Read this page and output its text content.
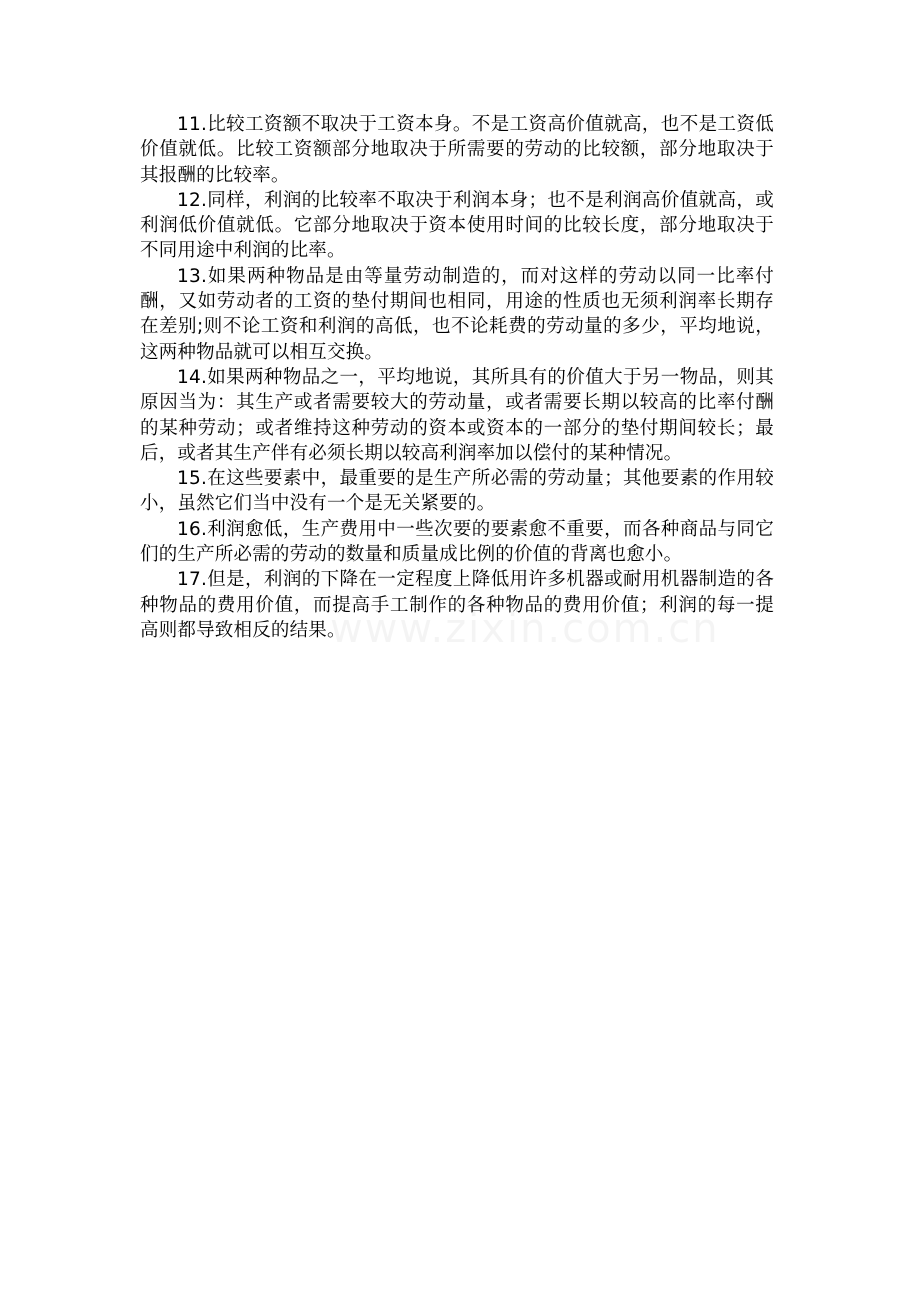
11.比较工资额不取决于工资本身。不是工资高价值就高，也不是工资低价值就低。比较工资额部分地取决于所需要的劳动的比较额，部分地取决于其报酬的比较率。

12.同样，利润的比较率不取决于利润本身；也不是利润高价值就高，或利润低价值就低。它部分地取决于资本使用时间的比较长度，部分地取决于不同用途中利润的比率。

13.如果两种物品是由等量劳动制造的，而对这样的劳动以同一比率付酬，又如劳动者的工资的垫付期间也相同，用途的性质也无须利润率长期存在差别;则不论工资和利润的高低，也不论耗费的劳动量的多少，平均地说，这两种物品就可以相互交换。

14.如果两种物品之一，平均地说，其所具有的价值大于另一物品，则其原因当为：其生产或者需要较大的劳动量，或者需要长期以较高的比率付酬的某种劳动；或者维持这种劳动的资本或资本的一部分的垫付期间较长；最后，或者其生产伴有必须长期以较高利润率加以偿付的某种情况。

15.在这些要素中，最重要的是生产所必需的劳动量；其他要素的作用较小，虽然它们当中没有一个是无关紧要的。

16.利润愈低，生产费用中一些次要的要素愈不重要，而各种商品与同它们的生产所必需的劳动的数量和质量成比例的价值的背离也愈小。

17.但是，利润的下降在一定程度上降低用许多机器或耐用机器制造的各种物品的费用价值，而提高手工制作的各种物品的费用价值；利润的每一提高则都导致相反的结果。
